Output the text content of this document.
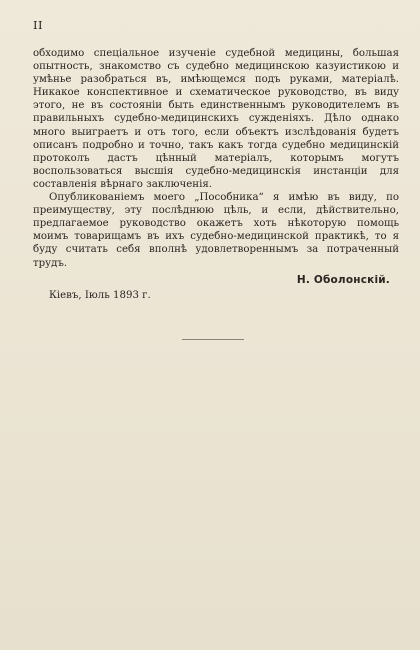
II

обходимо спеціальное изученіе судебной медицины, большая опытность, знакомство съ судебно медицинскою казуистикою и умѣнье разобраться въ, имѣющемся подъ руками, матеріалѣ. Никакое конспективное и схематическое руководство, въ виду этого, не въ состояніи быть единственнымъ руководителемъ въ правильныхъ судебно-медицинскихъ сужденіяхъ. Дѣло однако много выиграетъ и отъ того, если объектъ изслѣдованія будетъ описанъ подробно и точно, такъ какъ тогда судебно медицинскій протоколъ дастъ цѣнный матеріалъ, которымъ могутъ воспользоваться высшія судебно-медицинскія инстанціи для составленія вѣрнаго заключенія.

Опубликованіемъ моего „Пособника“ я имѣю въ виду, по преимуществу, эту послѣднюю цѣль, и если, дѣйствительно, предлагаемое руководство окажетъ хоть нѣкоторую помощь моимъ товарищамъ въ ихъ судебно-медицинской практикѣ, то я буду считать себя вполнѣ удовлетвореннымъ за потраченный трудъ.

Н. Оболонскій.
Кіевъ, Іюль 1893 г.
